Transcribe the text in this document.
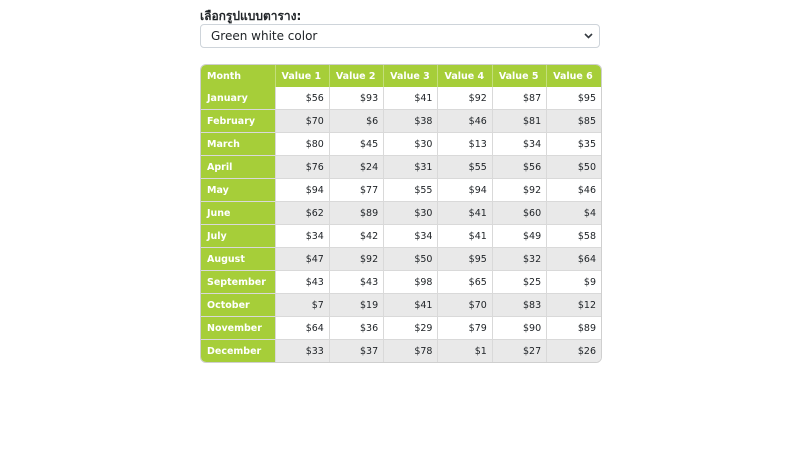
เลือกรูปแบบตาราง:
Green white color
Month	Value 1	Value 2	Value 3	Value 4	Value 5	Value 6
January	$56	$93	$41	$92	$87	$95
February	$70	$6	$38	$46	$81	$85
March	$80	$45	$30	$13	$34	$35
April	$76	$24	$31	$55	$56	$50
May	$94	$77	$55	$94	$92	$46
June	$62	$89	$30	$41	$60	$4
July	$34	$42	$34	$41	$49	$58
August	$47	$92	$50	$95	$32	$64
September	$43	$43	$98	$65	$25	$9
October	$7	$19	$41	$70	$83	$12
November	$64	$36	$29	$79	$90	$89
December	$33	$37	$78	$1	$27	$26
